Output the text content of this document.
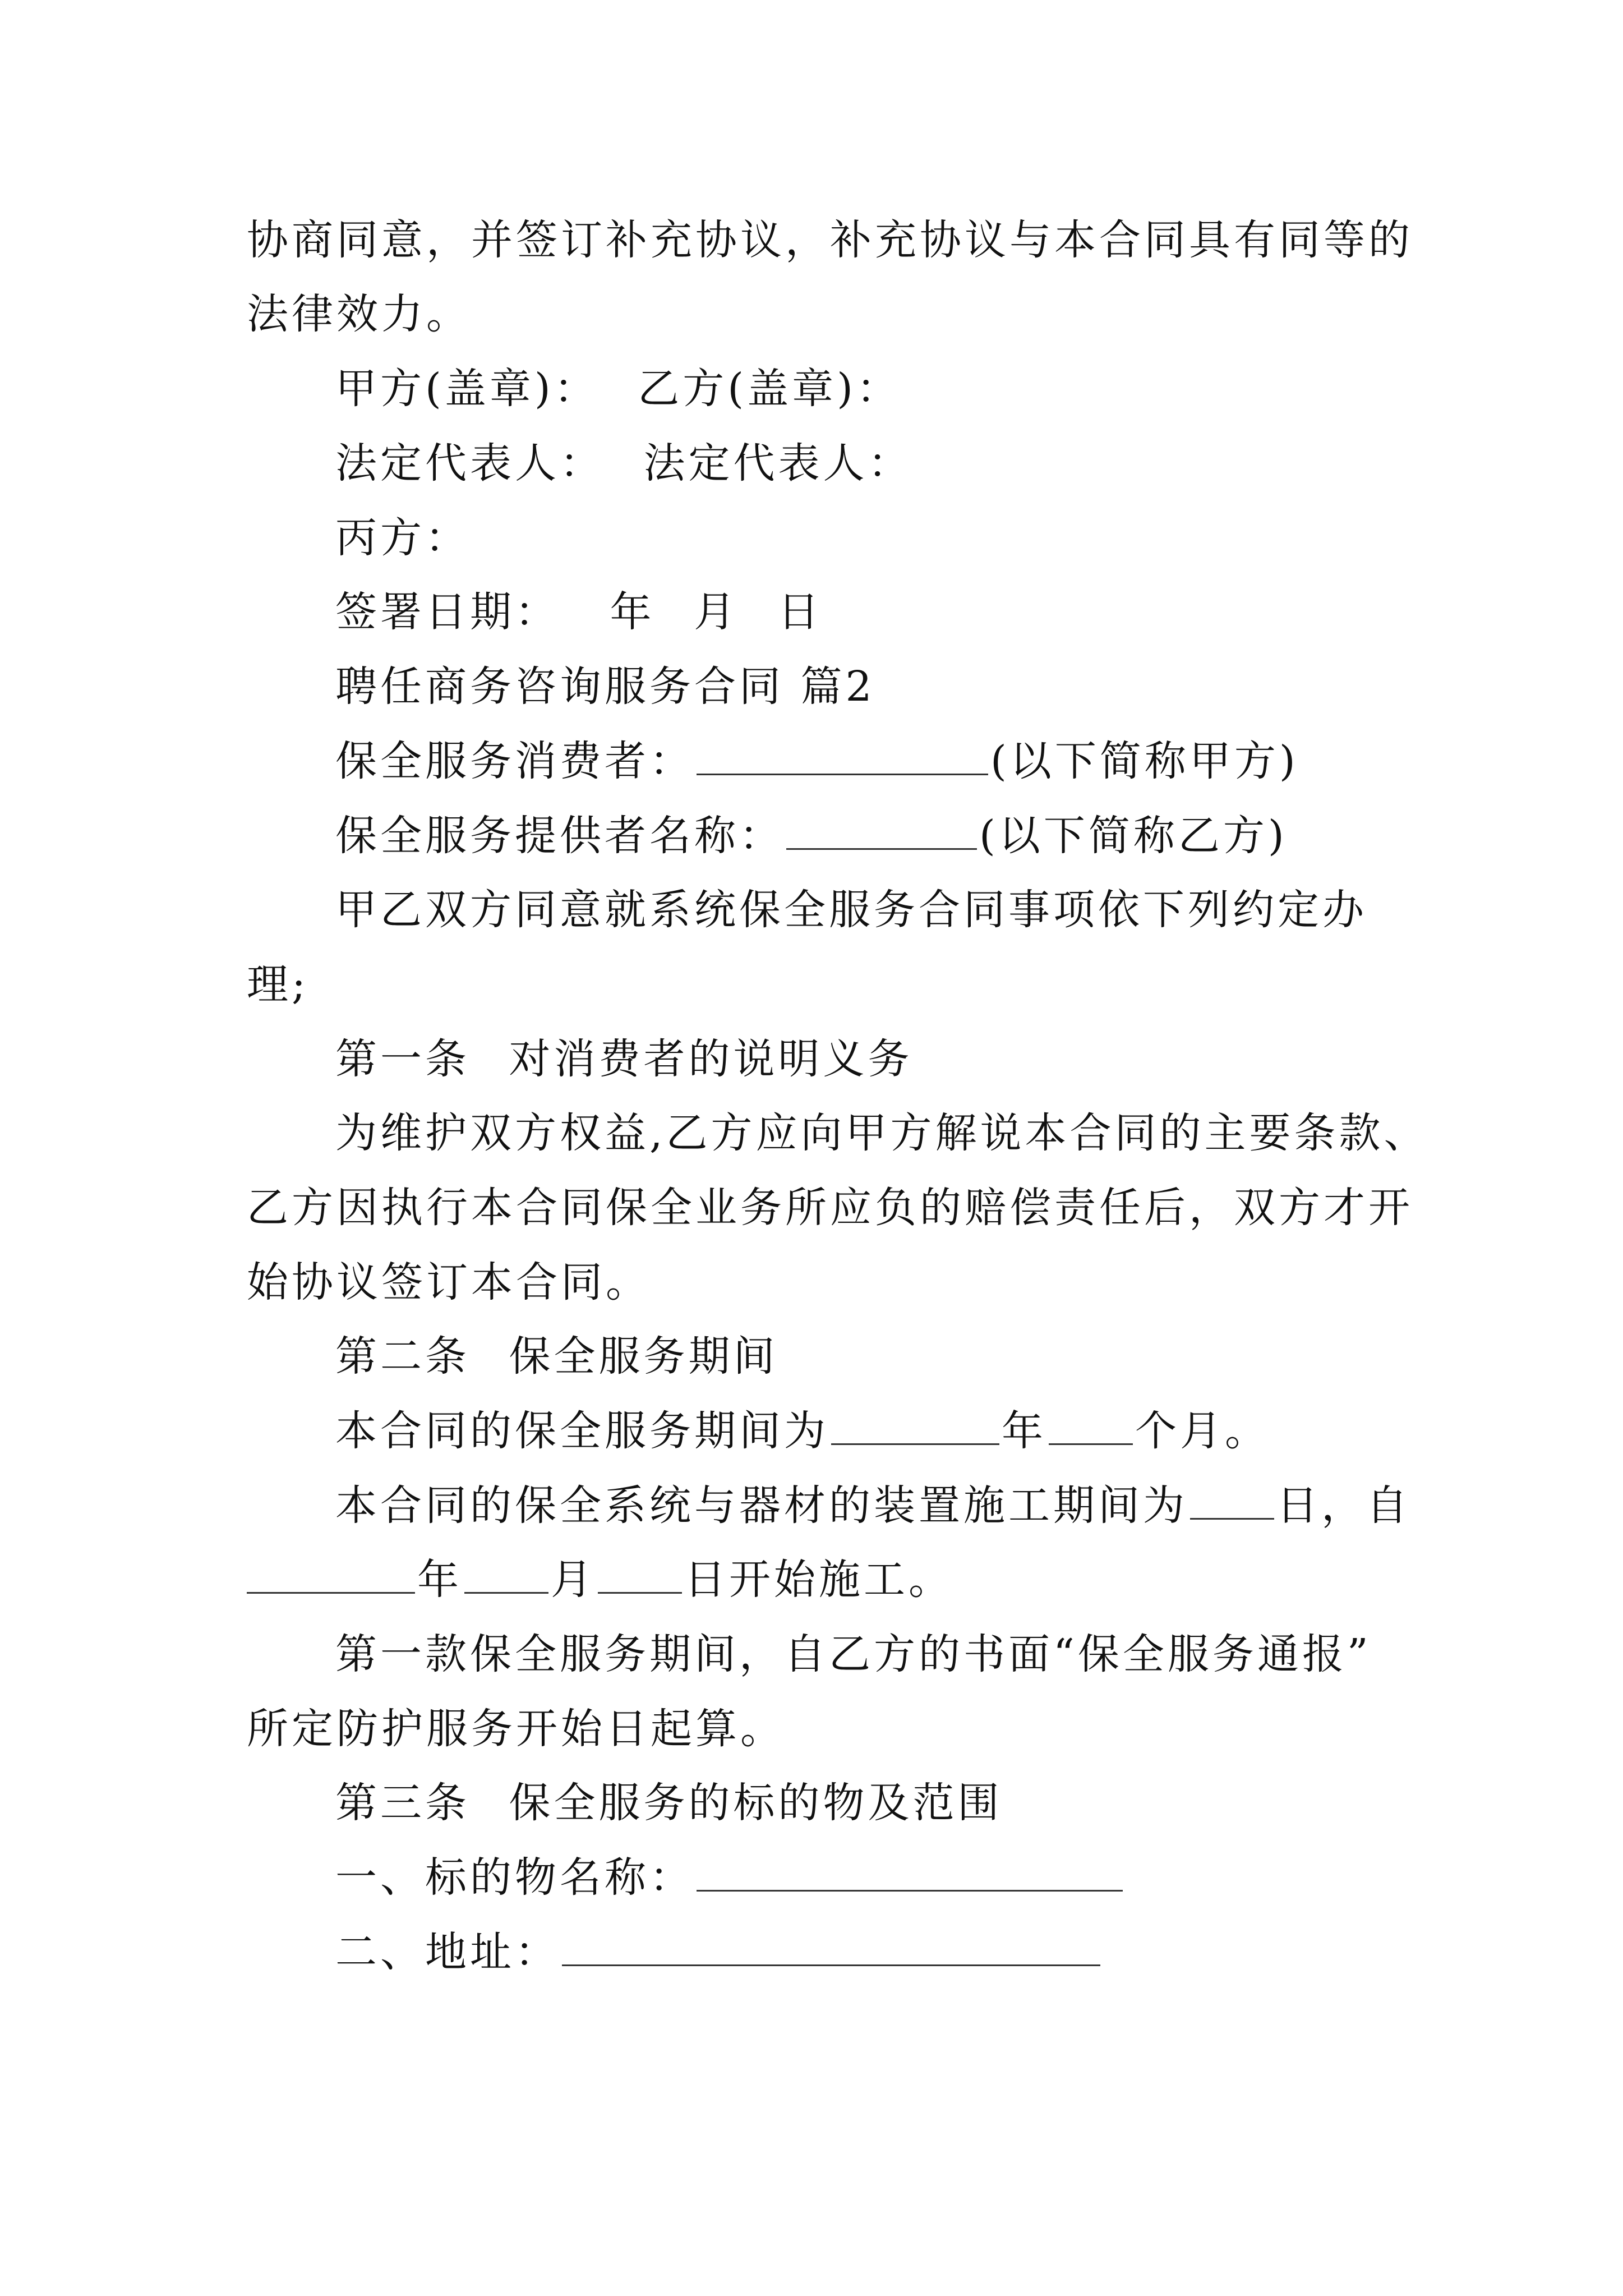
协商同意，并签订补充协议，补充协议与本合同具有同等的
法律效力。
甲方(盖章)： 乙方(盖章)：
法定代表人： 法定代表人：
丙方：
签署日期： 年 月 日
聘任商务咨询服务合同 篇2
保全服务消费者：	(以下简称甲方)
保全服务提供者名称：	(以下简称乙方)
甲乙双方同意就系统保全服务合同事项依下列约定办
理;
第一条 对消费者的说明义务
为维护双方权益,乙方应向甲方解说本合同的主要条款、
乙方因执行本合同保全业务所应负的赔偿责任后，双方才开
始协议签订本合同。
第二条 保全服务期间
本合同的保全服务期间为	年 个月。
本合同的保全系统与器材的装置施工期间为 日，自
年 月 日开始施工。
第一款保全服务期间，自乙方的书面“保全服务通报”
所定防护服务开始日起算。
第三条 保全服务的标的物及范围
一、标的物名称：
二、地址：
